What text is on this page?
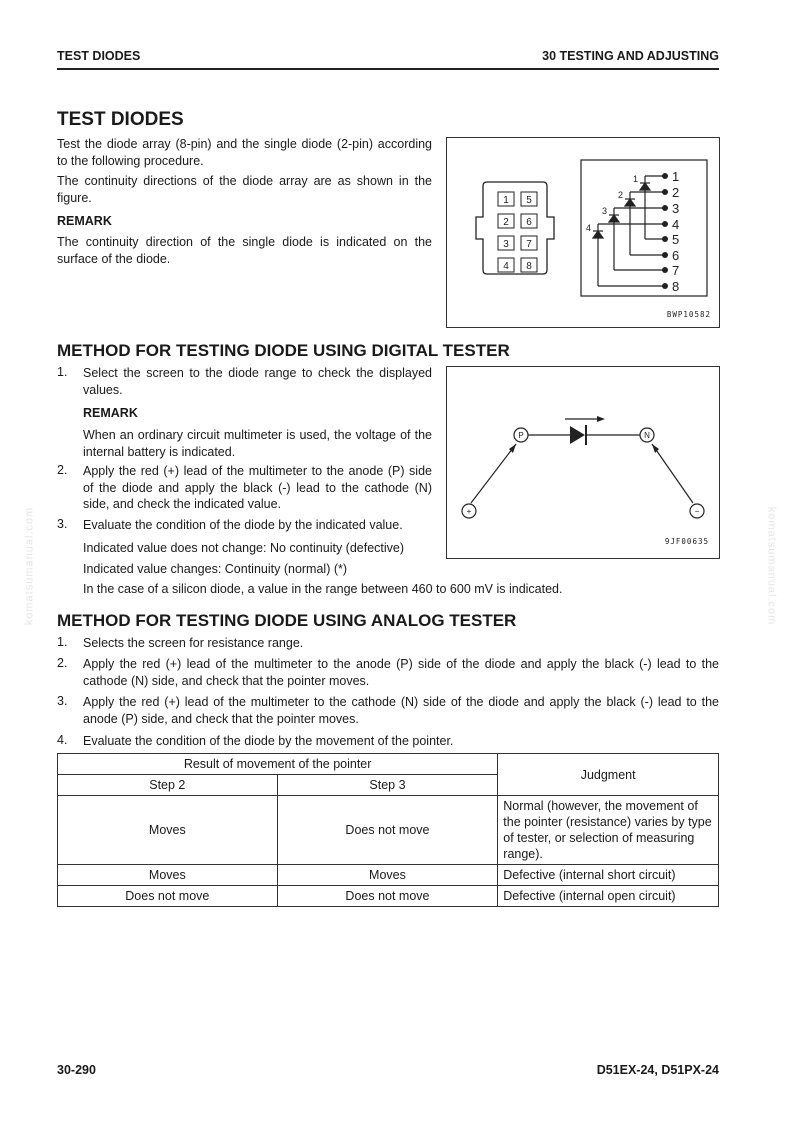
TEST DIODES	30 TESTING AND ADJUSTING
komatsumanual.com	komatsumanual.com
TEST DIODES
Test the diode array (8-pin) and the single diode (2-pin) according to the following procedure.
The continuity directions of the diode array are as shown in the figure.
REMARK
The continuity direction of the single diode is indicated on the surface of the diode.
1 5
2 6
3 7
4 8
1
2
3
4
1
2
3
4
5
6
7
8
BWP10582
METHOD FOR TESTING DIODE USING DIGITAL TESTER
1. Select the screen to the diode range to check the displayed values.
REMARK
When an ordinary circuit multimeter is used, the voltage of the internal battery is indicated.
2. Apply the red (+) lead of the multimeter to the anode (P) side of the diode and apply the black (-) lead to the cathode (N) side, and check the indicated value.
3. Evaluate the condition of the diode by the indicated value.
Indicated value does not change: No continuity (defective)
Indicated value changes: Continuity (normal) (*)
In the case of a silicon diode, a value in the range between 460 to 600 mV is indicated.
P	N
+	−
9JF00635
METHOD FOR TESTING DIODE USING ANALOG TESTER
1. Selects the screen for resistance range.
2. Apply the red (+) lead of the multimeter to the anode (P) side of the diode and apply the black (-) lead to the cathode (N) side, and check that the pointer moves.
3. Apply the red (+) lead of the multimeter to the cathode (N) side of the diode and apply the black (-) lead to the anode (P) side, and check that the pointer moves.
4. Evaluate the condition of the diode by the movement of the pointer.
Result of movement of the pointer		Judgment
Step 2	Step 3	
Moves	Does not move	Normal (however, the movement of the pointer (resistance) varies by type of tester, or selection of measuring range).
Moves	Moves	Defective (internal short circuit)
Does not move	Does not move	Defective (internal open circuit)
30-290	D51EX-24, D51PX-24
